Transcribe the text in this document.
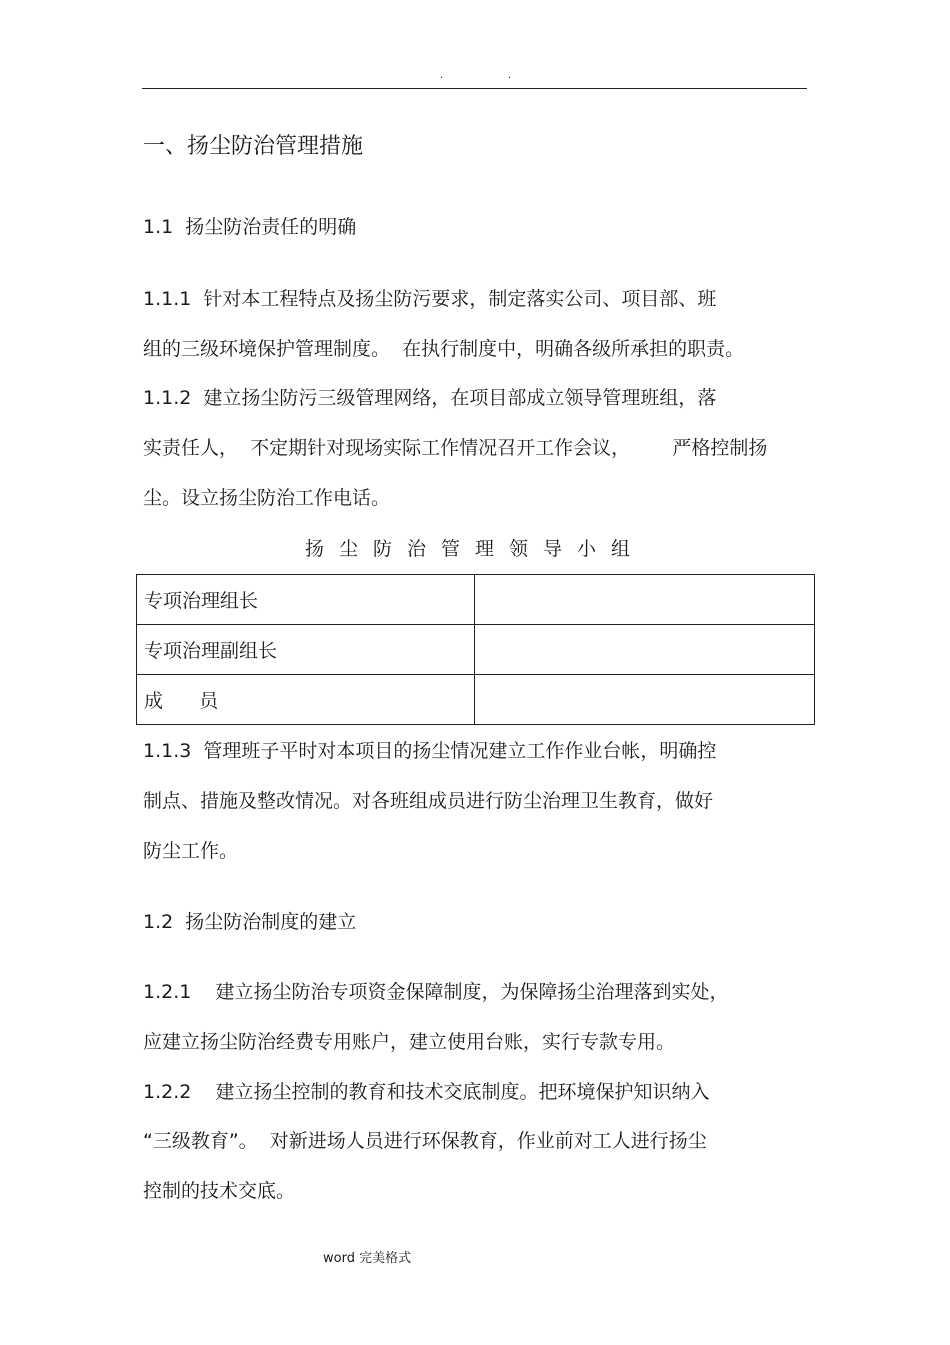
.	.
一、扬尘防治管理措施
1.1  扬尘防治责任的明确
1.1.1  针对本工程特点及扬尘防污要求，制定落实公司、项目部、班
组的三级环境保护管理制度。  在执行制度中，明确各级所承担的职责。
1.1.2  建立扬尘防污三级管理网络，在项目部成立领导管理班组，落
实责任人，  不定期针对现场实际工作情况召开工作会议，       严格控制扬
尘。设立扬尘防治工作电话。
扬尘防治管理领导小组
专项治理组长	
专项治理副组长	
成      员	
1.1.3  管理班子平时对本项目的扬尘情况建立工作作业台帐，明确控
制点、措施及整改情况。对各班组成员进行防尘治理卫生教育，做好
防尘工作。
1.2  扬尘防治制度的建立
1.2.1    建立扬尘防治专项资金保障制度，为保障扬尘治理落到实处，
应建立扬尘防治经费专用账户，建立使用台账，实行专款专用。
1.2.2    建立扬尘控制的教育和技术交底制度。把环境保护知识纳入
“三级教育”。  对新进场人员进行环保教育，作业前对工人进行扬尘
控制的技术交底。
word 完美格式
